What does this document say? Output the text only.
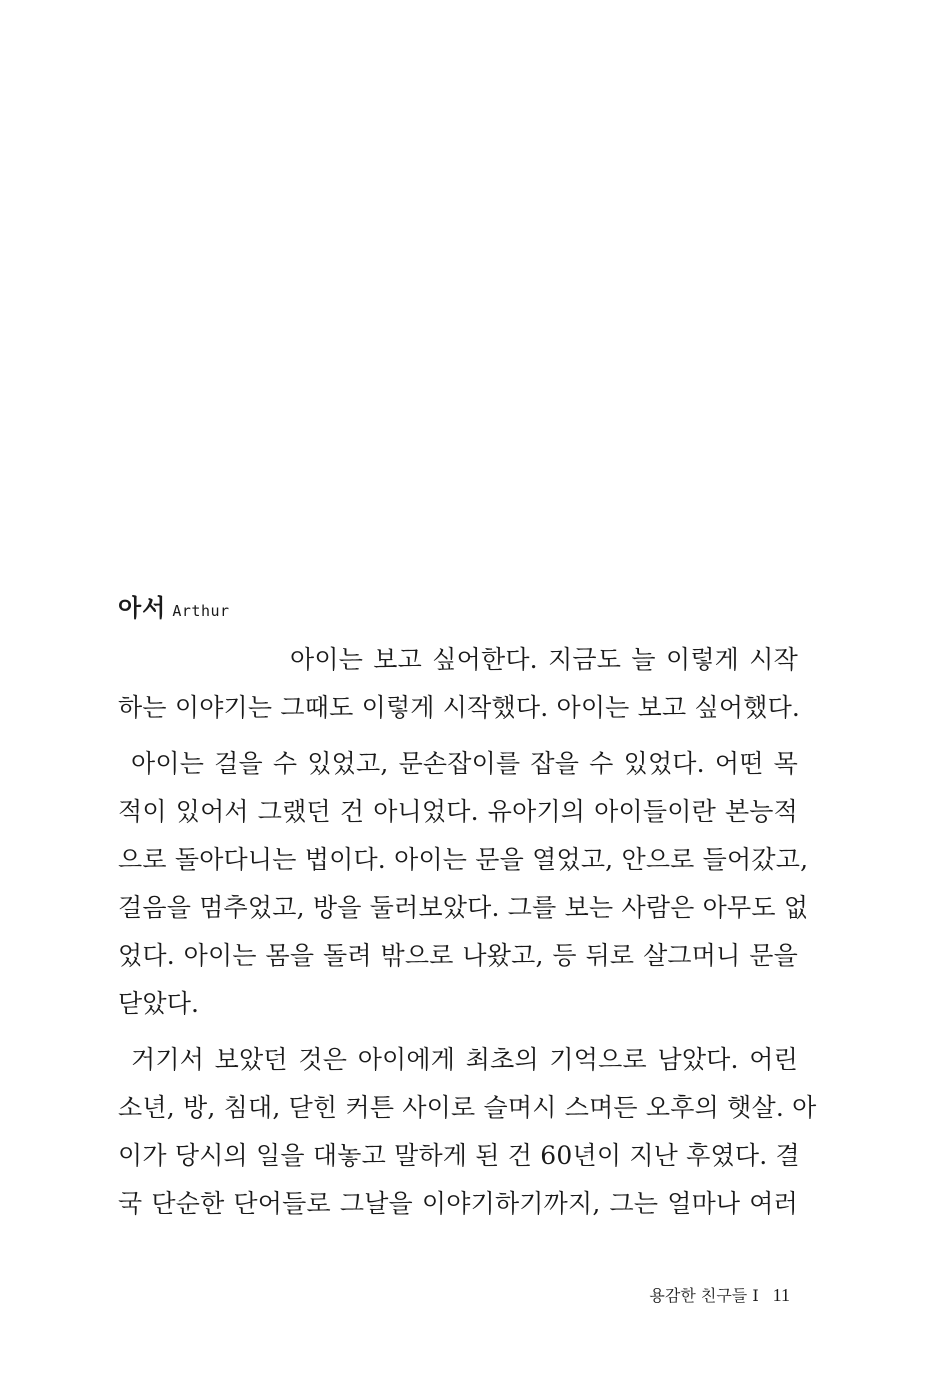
아서 Arthur
아이는 보고 싶어한다. 지금도 늘 이렇게 시작
하는 이야기는 그때도 이렇게 시작했다. 아이는 보고 싶어했다.
아이는 걸을 수 있었고, 문손잡이를 잡을 수 있었다. 어떤 목
적이 있어서 그랬던 건 아니었다. 유아기의 아이들이란 본능적
으로 돌아다니는 법이다. 아이는 문을 열었고, 안으로 들어갔고,
걸음을 멈추었고, 방을 둘러보았다. 그를 보는 사람은 아무도 없
었다. 아이는 몸을 돌려 밖으로 나왔고, 등 뒤로 살그머니 문을
닫았다.
거기서 보았던 것은 아이에게 최초의 기억으로 남았다. 어린
소년, 방, 침대, 닫힌 커튼 사이로 슬며시 스며든 오후의 햇살. 아
이가 당시의 일을 대놓고 말하게 된 건 60년이 지난 후였다. 결
국 단순한 단어들로 그날을 이야기하기까지, 그는 얼마나 여러
용감한 친구들 I 11
